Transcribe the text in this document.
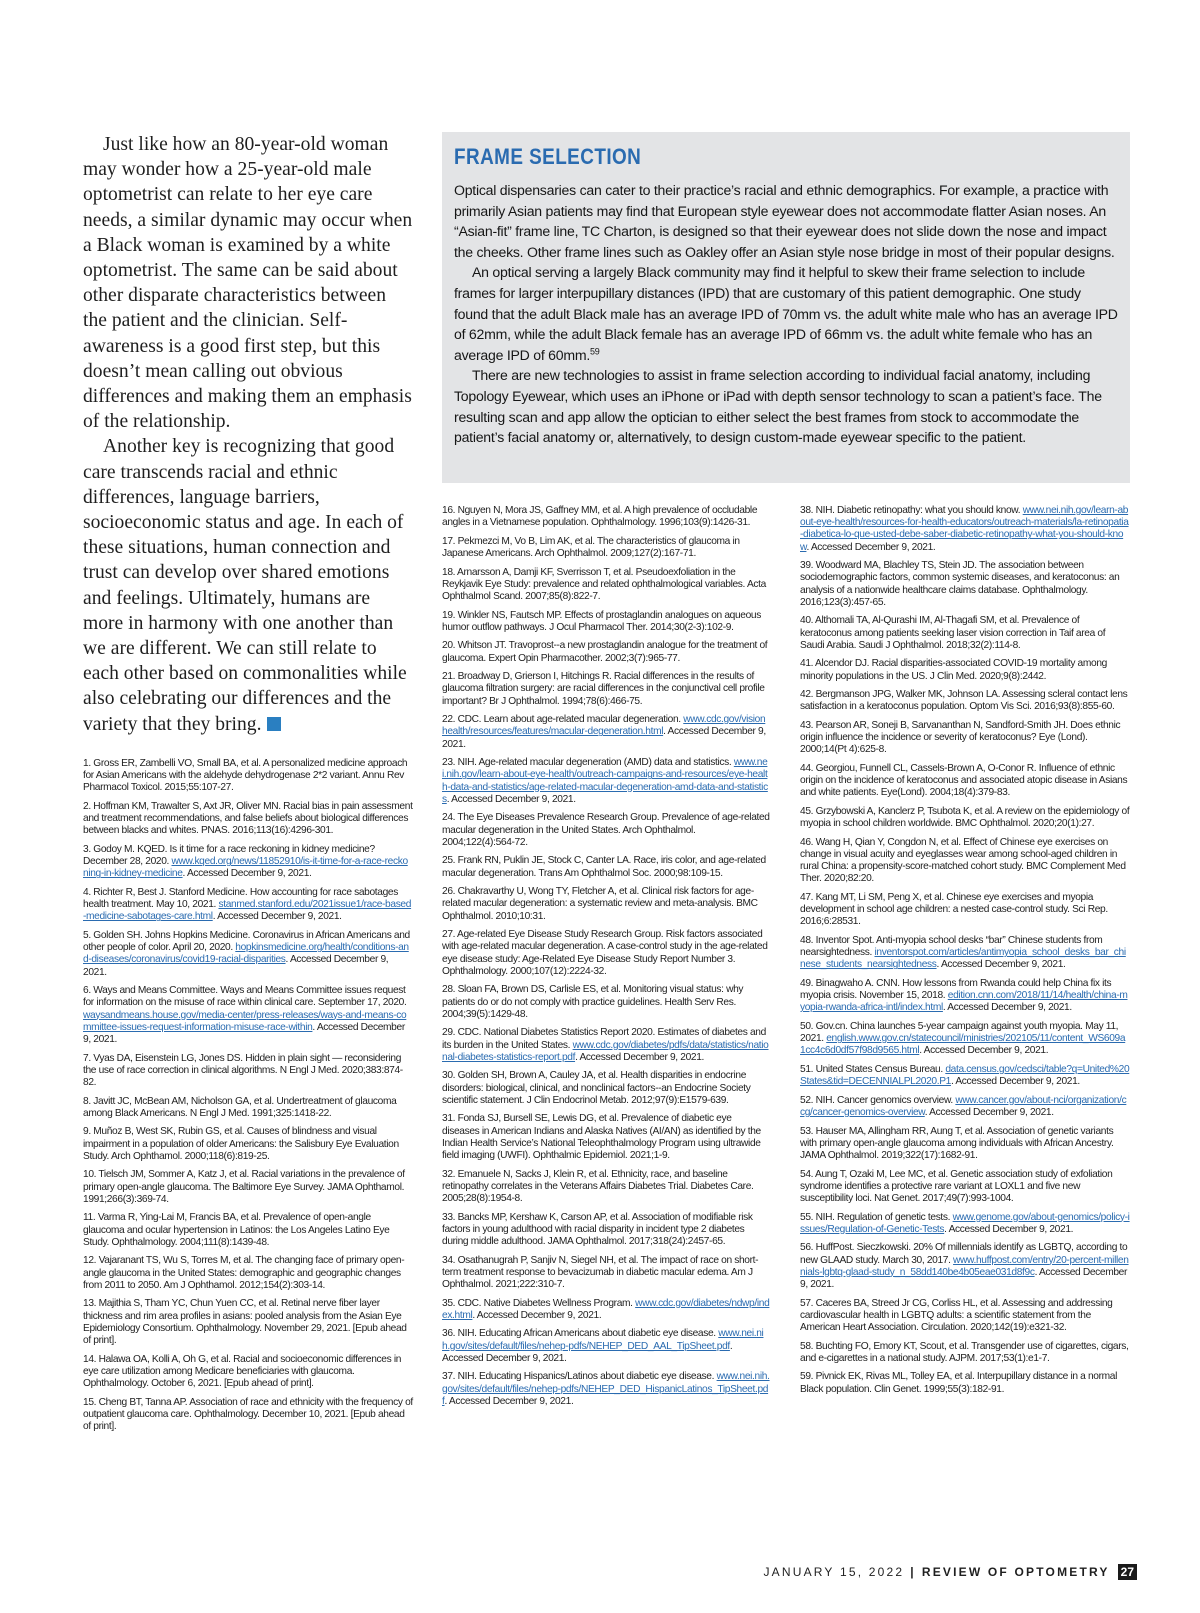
Just like how an 80-year-old woman may wonder how a 25-year-old male optometrist can relate to her eye care needs, a similar dynamic may occur when a Black woman is examined by a white optometrist. The same can be said about other disparate characteristics between the patient and the clinician. Self-awareness is a good first step, but this doesn’t mean calling out obvious differences and making them an emphasis of the relationship.

Another key is recognizing that good care transcends racial and ethnic differences, language barriers, socioeconomic status and age. In each of these situations, human connection and trust can develop over shared emotions and feelings. Ultimately, humans are more in harmony with one another than we are different. We can still relate to each other based on commonalities while also celebrating our differences and the variety that they bring.

FRAME SELECTION

Optical dispensaries can cater to their practice’s racial and ethnic demographics. For example, a practice with primarily Asian patients may find that European style eyewear does not accommodate flatter Asian noses. An “Asian-fit” frame line, TC Charton, is designed so that their eyewear does not slide down the nose and impact the cheeks. Other frame lines such as Oakley offer an Asian style nose bridge in most of their popular designs.

An optical serving a largely Black community may find it helpful to skew their frame selection to include frames for larger interpupillary distances (IPD) that are customary of this patient demographic. One study found that the adult Black male has an average IPD of 70mm vs. the adult white male who has an average IPD of 62mm, while the adult Black female has an average IPD of 66mm vs. the adult white female who has an average IPD of 60mm.$^{59}$

There are new technologies to assist in frame selection according to individual facial anatomy, including Topology Eyewear, which uses an iPhone or iPad with depth sensor technology to scan a patient’s face. The resulting scan and app allow the optician to either select the best frames from stock to accommodate the patient’s facial anatomy or, alternatively, to design custom-made eyewear specific to the patient.

1. Gross ER, Zambelli VO, Small BA, et al. A personalized medicine approach for Asian Americans with the aldehyde dehydrogenase 2*2 variant. Annu Rev Pharmacol Toxicol. 2015;55:107-27.

2. Hoffman KM, Trawalter S, Axt JR, Oliver MN. Racial bias in pain assessment and treatment recommendations, and false beliefs about biological differences between blacks and whites. PNAS. 2016;113(16):4296-301.

3. Godoy M. KQED. Is it time for a race reckoning in kidney medicine? December 28, 2020. www.kqed.org/news/11852910/is-it-time-for-a-race-reckoning-in-kidney-medicine. Accessed December 9, 2021.

4. Richter R, Best J. Stanford Medicine. How accounting for race sabotages health treatment. May 10, 2021. stanmed.stanford.edu/2021issue1/race-based-medicine-sabotages-care.html. Accessed December 9, 2021.

5. Golden SH. Johns Hopkins Medicine. Coronavirus in African Americans and other people of color. April 20, 2020. hopkinsmedicine.org/health/conditions-and-diseases/coronavirus/covid19-racial-disparities. Accessed December 9, 2021.

6. Ways and Means Committee. Ways and Means Committee issues request for information on the misuse of race within clinical care. September 17, 2020. waysandmeans.house.gov/media-center/press-releases/ways-and-means-committee-issues-request-information-misuse-race-within. Accessed December 9, 2021.

7. Vyas DA, Eisenstein LG, Jones DS. Hidden in plain sight — reconsidering the use of race correction in clinical algorithms. N Engl J Med. 2020;383:874-82.

8. Javitt JC, McBean AM, Nicholson GA, et al. Undertreatment of glaucoma among Black Americans. N Engl J Med. 1991;325:1418-22.

9. Muñoz B, West SK, Rubin GS, et al. Causes of blindness and visual impairment in a population of older Americans: the Salisbury Eye Evaluation Study. Arch Ophthamol. 2000;118(6):819-25.

10. Tielsch JM, Sommer A, Katz J, et al. Racial variations in the prevalence of primary open-angle glaucoma. The Baltimore Eye Survey. JAMA Ophthamol. 1991;266(3):369-74.

11. Varma R, Ying-Lai M, Francis BA, et al. Prevalence of open-angle glaucoma and ocular hypertension in Latinos: the Los Angeles Latino Eye Study. Ophthalmology. 2004;111(8):1439-48.

12. Vajaranant TS, Wu S, Torres M, et al. The changing face of primary open-angle glaucoma in the United States: demographic and geographic changes from 2011 to 2050. Am J Ophthamol. 2012;154(2):303-14.

13. Majithia S, Tham YC, Chun Yuen CC, et al. Retinal nerve fiber layer thickness and rim area profiles in asians: pooled analysis from the Asian Eye Epidemiology Consortium. Ophthalmology. November 29, 2021. [Epub ahead of print].

14. Halawa OA, Kolli A, Oh G, et al. Racial and socioeconomic differences in eye care utilization among Medicare beneficiaries with glaucoma. Ophthalmology. October 6, 2021. [Epub ahead of print].

15. Cheng BT, Tanna AP. Association of race and ethnicity with the frequency of outpatient glaucoma care. Ophthalmology. December 10, 2021. [Epub ahead of print].

16. Nguyen N, Mora JS, Gaffney MM, et al. A high prevalence of occludable angles in a Vietnamese population. Ophthalmology. 1996;103(9):1426-31.

17. Pekmezci M, Vo B, Lim AK, et al. The characteristics of glaucoma in Japanese Americans. Arch Ophthalmol. 2009;127(2):167-71.

18. Arnarsson A, Damji KF, Sverrisson T, et al. Pseudoexfoliation in the Reykjavik Eye Study: prevalence and related ophthalmological variables. Acta Ophthalmol Scand. 2007;85(8):822-7.

19. Winkler NS, Fautsch MP. Effects of prostaglandin analogues on aqueous humor outflow pathways. J Ocul Pharmacol Ther. 2014;30(2-3):102-9.

20. Whitson JT. Travoprost--a new prostaglandin analogue for the treatment of glaucoma. Expert Opin Pharmacother. 2002;3(7):965-77.

21. Broadway D, Grierson I, Hitchings R. Racial differences in the results of glaucoma filtration surgery: are racial differences in the conjunctival cell profile important? Br J Ophthalmol. 1994;78(6):466-75.

22. CDC. Learn about age-related macular degeneration. www.cdc.gov/visionhealth/resources/features/macular-degeneration.html. Accessed December 9, 2021.

23. NIH. Age-related macular degeneration (AMD) data and statistics. www.nei.nih.gov/learn-about-eye-health/outreach-campaigns-and-resources/eye-health-data-and-statistics/age-related-macular-degeneration-amd-data-and-statistics. Accessed December 9, 2021.

24. The Eye Diseases Prevalence Research Group. Prevalence of age-related macular degeneration in the United States. Arch Ophthalmol. 2004;122(4):564-72.

25. Frank RN, Puklin JE, Stock C, Canter LA. Race, iris color, and age-related macular degeneration. Trans Am Ophthalmol Soc. 2000;98:109-15.

26. Chakravarthy U, Wong TY, Fletcher A, et al. Clinical risk factors for age-related macular degeneration: a systematic review and meta-analysis. BMC Ophthalmol. 2010;10:31.

27. Age-related Eye Disease Study Research Group. Risk factors associated with age-related macular degeneration. A case-control study in the age-related eye disease study: Age-Related Eye Disease Study Report Number 3. Ophthalmology. 2000;107(12):2224-32.

28. Sloan FA, Brown DS, Carlisle ES, et al. Monitoring visual status: why patients do or do not comply with practice guidelines. Health Serv Res. 2004;39(5):1429-48.

29. CDC. National Diabetes Statistics Report 2020. Estimates of diabetes and its burden in the United States. www.cdc.gov/diabetes/pdfs/data/statistics/national-diabetes-statistics-report.pdf. Accessed December 9, 2021.

30. Golden SH, Brown A, Cauley JA, et al. Health disparities in endocrine disorders: biological, clinical, and nonclinical factors--an Endocrine Society scientific statement. J Clin Endocrinol Metab. 2012;97(9):E1579-639.

31. Fonda SJ, Bursell SE, Lewis DG, et al. Prevalence of diabetic eye diseases in American Indians and Alaska Natives (AI/AN) as identified by the Indian Health Service’s National Teleophthalmology Program using ultrawide field imaging (UWFI). Ophthalmic Epidemiol. 2021;1-9.

32. Emanuele N, Sacks J, Klein R, et al. Ethnicity, race, and baseline retinopathy correlates in the Veterans Affairs Diabetes Trial. Diabetes Care. 2005;28(8):1954-8.

33. Bancks MP, Kershaw K, Carson AP, et al. Association of modifiable risk factors in young adulthood with racial disparity in incident type 2 diabetes during middle adulthood. JAMA Ophthalmol. 2017;318(24):2457-65.

34. Osathanugrah P, Sanjiv N, Siegel NH, et al. The impact of race on short-term treatment response to bevacizumab in diabetic macular edema. Am J Ophthalmol. 2021;222:310-7.

35. CDC. Native Diabetes Wellness Program. www.cdc.gov/diabetes/ndwp/index.html. Accessed December 9, 2021.

36. NIH. Educating African Americans about diabetic eye disease. www.nei.nih.gov/sites/default/files/nehep-pdfs/NEHEP_DED_AAL_TipSheet.pdf. Accessed December 9, 2021.

37. NIH. Educating Hispanics/Latinos about diabetic eye disease. www.nei.nih.gov/sites/default/files/nehep-pdfs/NEHEP_DED_HispanicLatinos_TipSheet.pdf. Accessed December 9, 2021.

38. NIH. Diabetic retinopathy: what you should know. www.nei.nih.gov/learn-about-eye-health/resources-for-health-educators/outreach-materials/la-retinopatia-diabetica-lo-que-usted-debe-saber-diabetic-retinopathy-what-you-should-know. Accessed December 9, 2021.

39. Woodward MA, Blachley TS, Stein JD. The association between sociodemographic factors, common systemic diseases, and keratoconus: an analysis of a nationwide healthcare claims database. Ophthalmology. 2016;123(3):457-65.

40. Althomali TA, Al-Qurashi IM, Al-Thagafi SM, et al. Prevalence of keratoconus among patients seeking laser vision correction in Taif area of Saudi Arabia. Saudi J Ophthalmol. 2018;32(2):114-8.

41. Alcendor DJ. Racial disparities-associated COVID-19 mortality among minority populations in the US. J Clin Med. 2020;9(8):2442.

42. Bergmanson JPG, Walker MK, Johnson LA. Assessing scleral contact lens satisfaction in a keratoconus population. Optom Vis Sci. 2016;93(8):855-60.

43. Pearson AR, Soneji B, Sarvananthan N, Sandford-Smith JH. Does ethnic origin influence the incidence or severity of keratoconus? Eye (Lond). 2000;14(Pt 4):625-8.

44. Georgiou, Funnell CL, Cassels-Brown A, O-Conor R. Influence of ethnic origin on the incidence of keratoconus and associated atopic disease in Asians and white patients. Eye(Lond). 2004;18(4):379-83.

45. Grzybowski A, Kanclerz P, Tsubota K, et al. A review on the epidemiology of myopia in school children worldwide. BMC Ophthalmol. 2020;20(1):27.

46. Wang H, Qian Y, Congdon N, et al. Effect of Chinese eye exercises on change in visual acuity and eyeglasses wear among school-aged children in rural China: a propensity-score-matched cohort study. BMC Complement Med Ther. 2020;82:20.

47. Kang MT, Li SM, Peng X, et al. Chinese eye exercises and myopia development in school age children: a nested case-control study. Sci Rep. 2016;6:28531.

48. Inventor Spot. Anti-myopia school desks “bar” Chinese students from nearsightedness. inventorspot.com/articles/antimyopia_school_desks_bar_chinese_students_nearsightedness. Accessed December 9, 2021.

49. Binagwaho A. CNN. How lessons from Rwanda could help China fix its myopia crisis. November 15, 2018. edition.cnn.com/2018/11/14/health/china-myopia-rwanda-africa-intl/index.html. Accessed December 9, 2021.

50. Gov.cn. China launches 5-year campaign against youth myopia. May 11, 2021. english.www.gov.cn/statecouncil/ministries/202105/11/content_WS609a1cc4c6d0df57f98d9565.html. Accessed December 9, 2021.

51. United States Census Bureau. data.census.gov/cedsci/table?q=United%20States&tid=DECENNIALPL2020.P1. Accessed December 9, 2021.

52. NIH. Cancer genomics overview. www.cancer.gov/about-nci/organization/ccg/cancer-genomics-overview. Accessed December 9, 2021.

53. Hauser MA, Allingham RR, Aung T, et al. Association of genetic variants with primary open-angle glaucoma among individuals with African Ancestry. JAMA Ophthalmol. 2019;322(17):1682-91.

54. Aung T, Ozaki M, Lee MC, et al. Genetic association study of exfoliation syndrome identifies a protective rare variant at LOXL1 and five new susceptibility loci. Nat Genet. 2017;49(7):993-1004.

55. NIH. Regulation of genetic tests. www.genome.gov/about-genomics/policy-issues/Regulation-of-Genetic-Tests. Accessed December 9, 2021.

56. HuffPost. Sieczkowski. 20% Of millennials identify as LGBTQ, according to new GLAAD study. March 30, 2017. www.huffpost.com/entry/20-percent-millennials-lgbtq-glaad-study_n_58dd140be4b05eae031d8f9c. Accessed December 9, 2021.

57. Caceres BA, Streed Jr CG, Corliss HL, et al. Assessing and addressing cardiovascular health in LGBTQ adults: a scientific statement from the American Heart Association. Circulation. 2020;142(19):e321-32.

58. Buchting FO, Emory KT, Scout, et al. Transgender use of cigarettes, cigars, and e-cigarettes in a national study. AJPM. 2017;53(1):e1-7.

59. Pivnick EK, Rivas ML, Tolley EA, et al. Interpupillary distance in a normal Black population. Clin Genet. 1999;55(3):182-91.

JANUARY 15, 2022 | REVIEW OF OPTOMETRY 27
